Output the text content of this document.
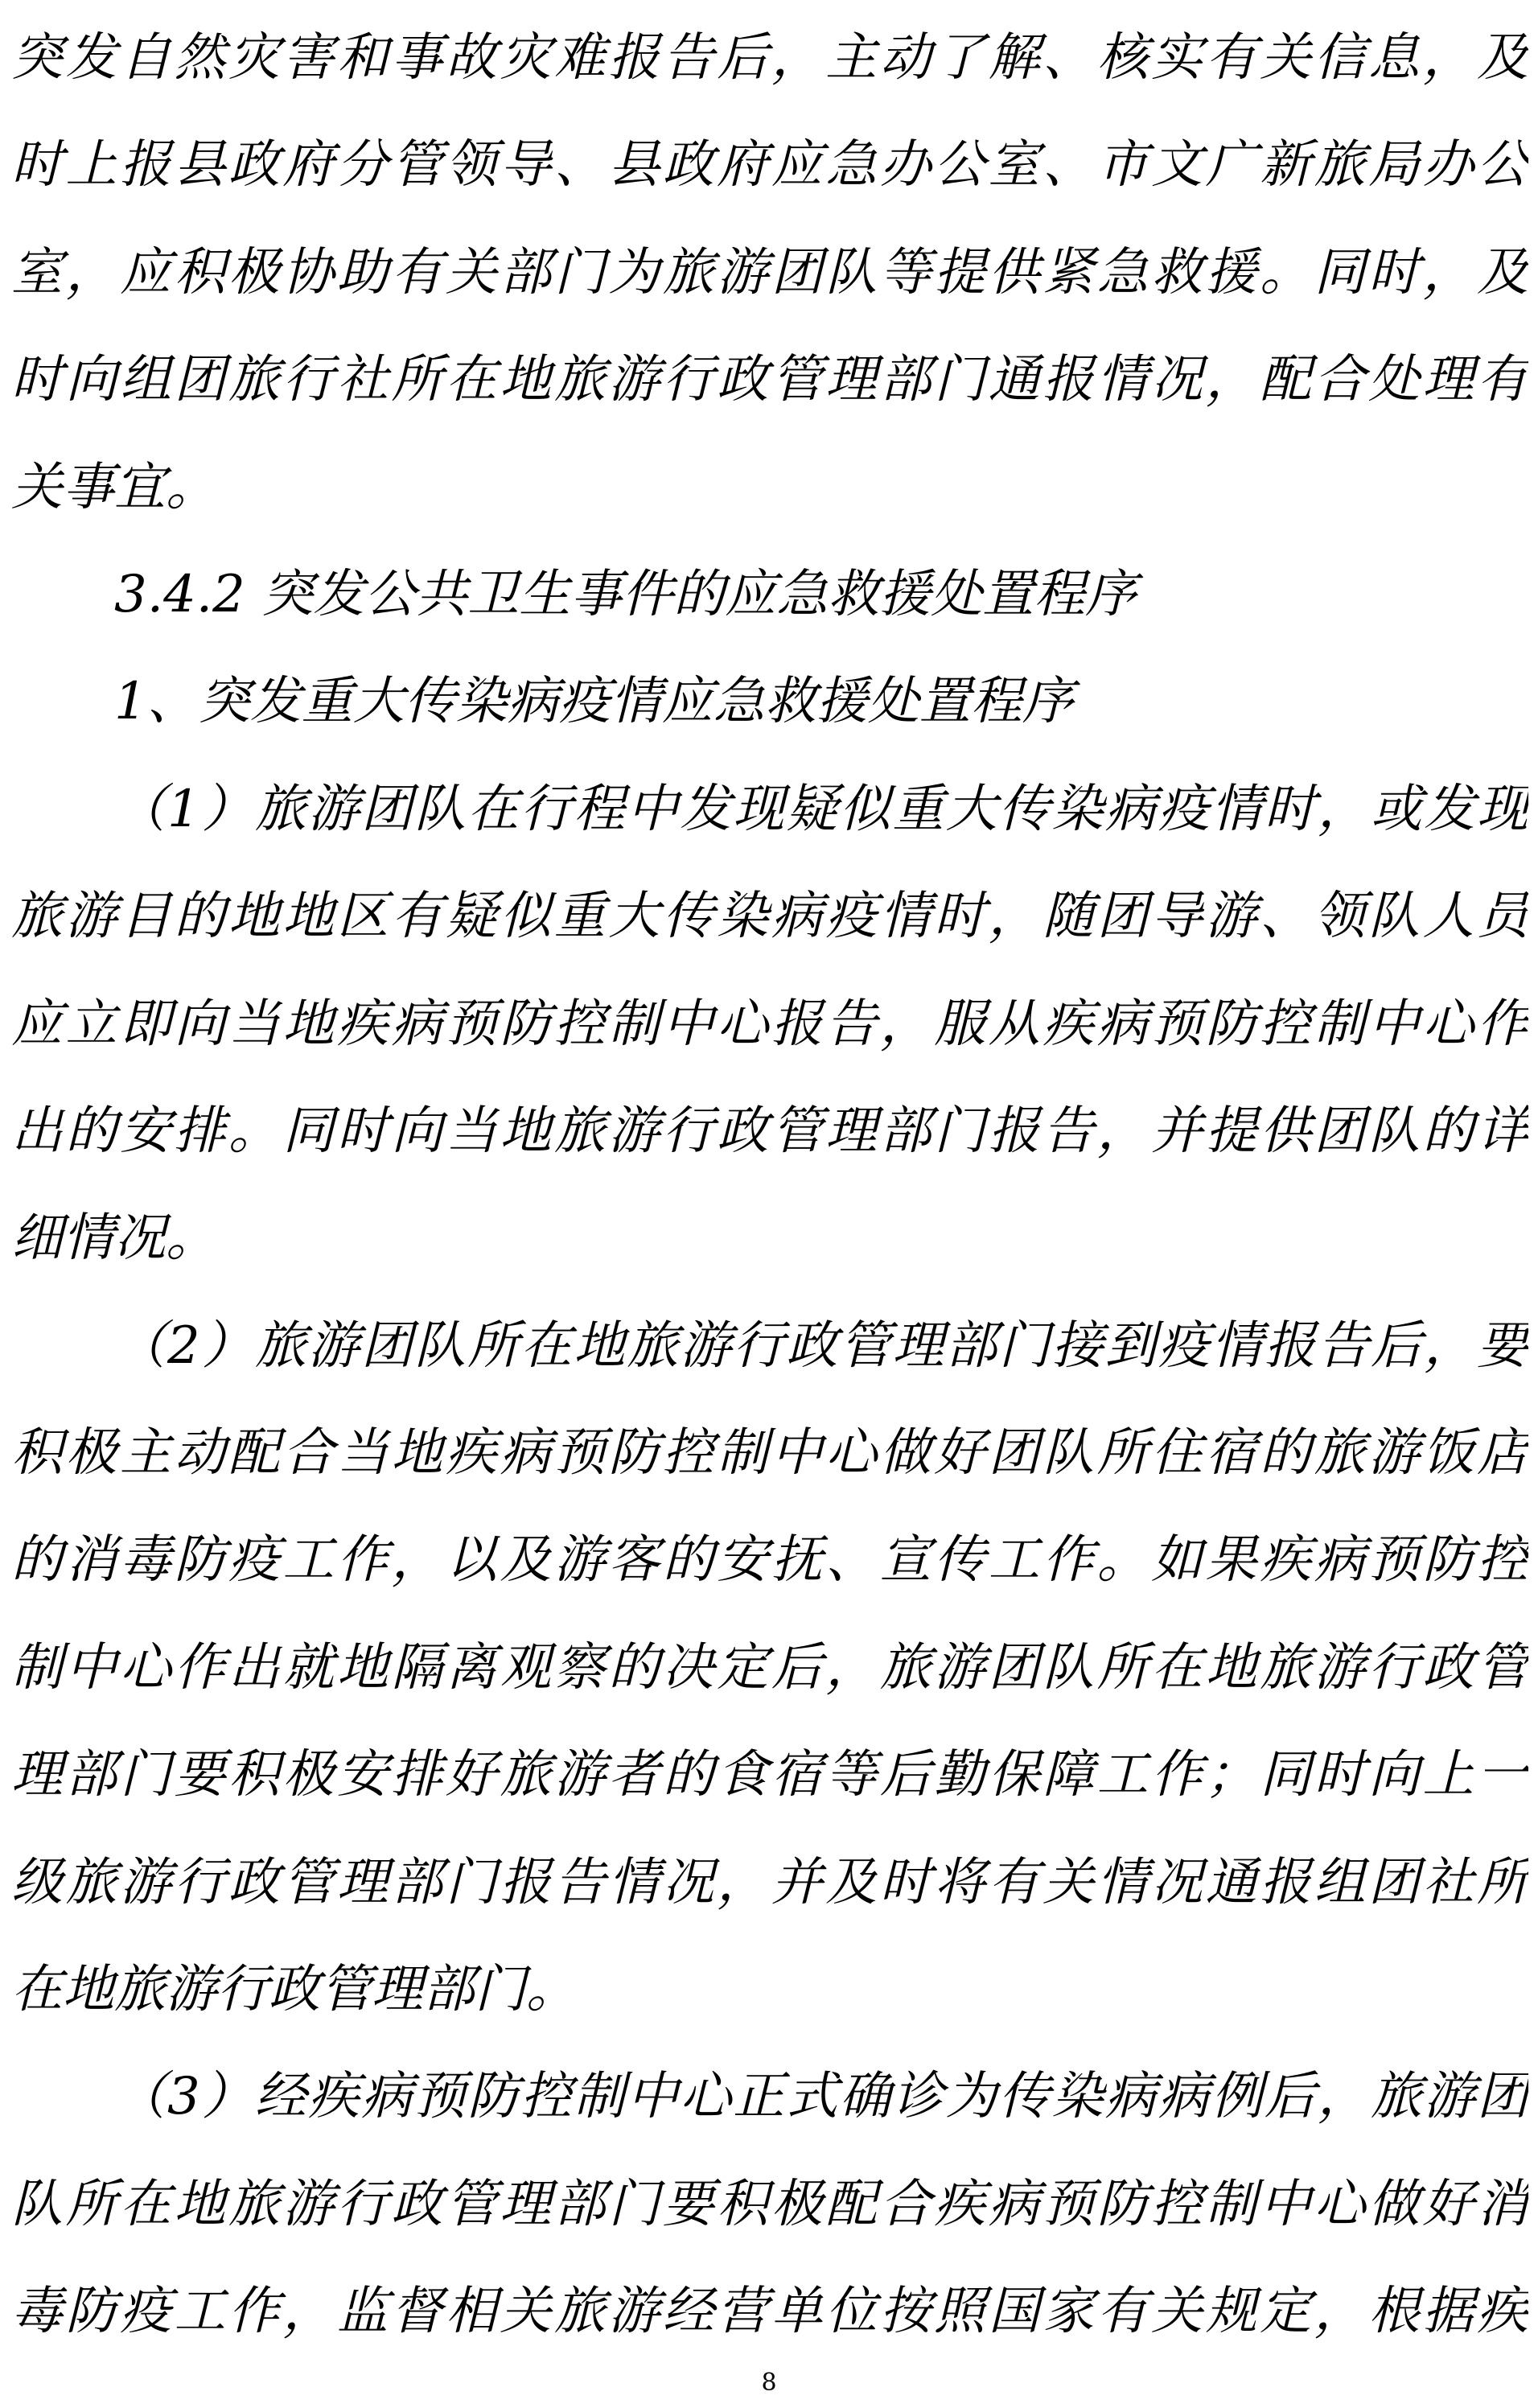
突发自然灾害和事故灾难报告后，主动了解、核实有关信息，及
时上报县政府分管领导、县政府应急办公室、市文广新旅局办公
室，应积极协助有关部门为旅游团队等提供紧急救援。同时，及
时向组团旅行社所在地旅游行政管理部门通报情况，配合处理有
关事宜。
3.4.2 突发公共卫生事件的应急救援处置程序
1、突发重大传染病疫情应急救援处置程序
（1）旅游团队在行程中发现疑似重大传染病疫情时，或发现
旅游目的地地区有疑似重大传染病疫情时，随团导游、领队人员
应立即向当地疾病预防控制中心报告，服从疾病预防控制中心作
出的安排。同时向当地旅游行政管理部门报告，并提供团队的详
细情况。
（2）旅游团队所在地旅游行政管理部门接到疫情报告后，要
积极主动配合当地疾病预防控制中心做好团队所住宿的旅游饭店
的消毒防疫工作，以及游客的安抚、宣传工作。如果疾病预防控
制中心作出就地隔离观察的决定后，旅游团队所在地旅游行政管
理部门要积极安排好旅游者的食宿等后勤保障工作；同时向上一
级旅游行政管理部门报告情况，并及时将有关情况通报组团社所
在地旅游行政管理部门。
（3）经疾病预防控制中心正式确诊为传染病病例后，旅游团
队所在地旅游行政管理部门要积极配合疾病预防控制中心做好消
毒防疫工作，监督相关旅游经营单位按照国家有关规定，根据疾
8
